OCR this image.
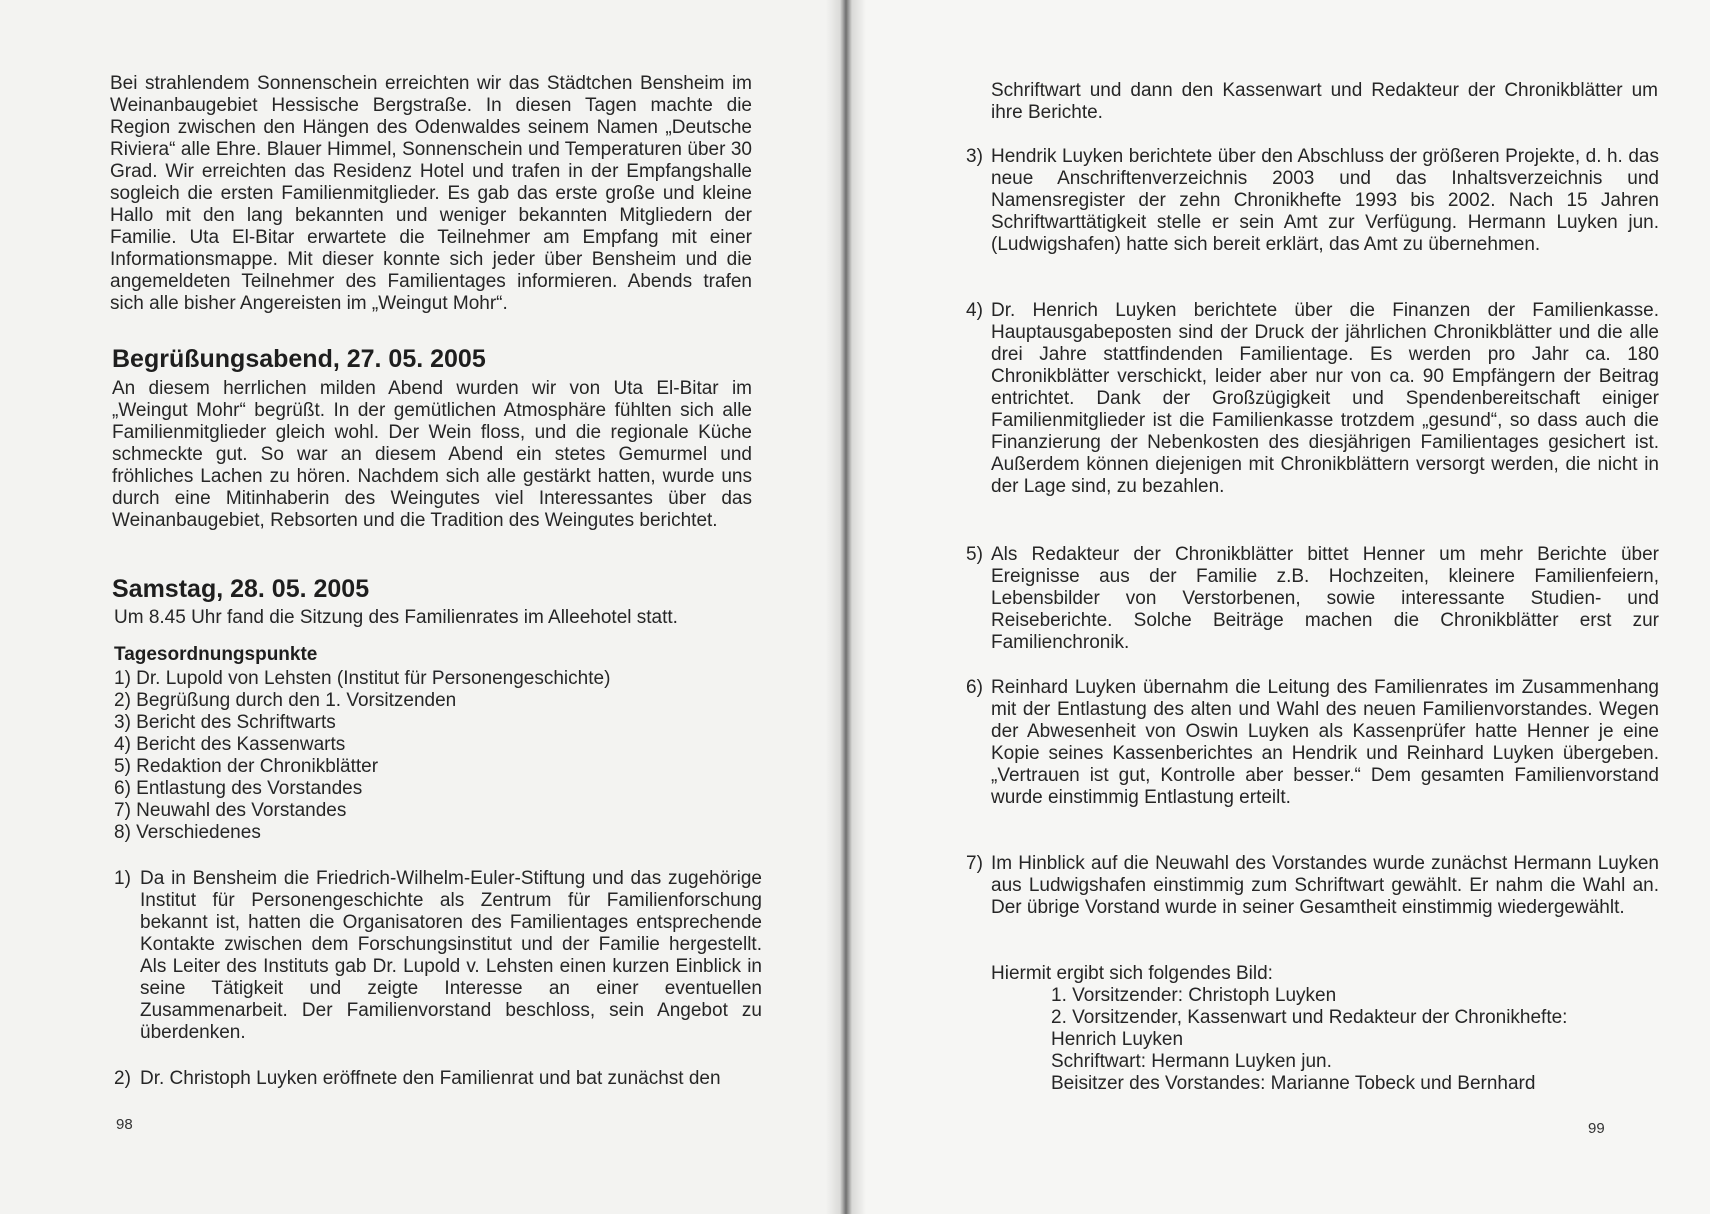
Bei strahlendem Sonnenschein erreichten wir das Städtchen Bensheim im Weinanbaugebiet Hessische Bergstraße. In diesen Tagen machte die Region zwischen den Hängen des Odenwaldes seinem Namen „Deutsche Riviera“ alle Ehre. Blauer Himmel, Sonnenschein und Temperaturen über 30 Grad. Wir erreichten das Residenz Hotel und trafen in der Empfangshalle sogleich die ersten Familienmitglieder. Es gab das erste große und kleine Hallo mit den lang bekannten und weniger bekannten Mitgliedern der Familie. Uta El-Bitar erwartete die Teilnehmer am Empfang mit einer Informationsmappe. Mit dieser konnte sich jeder über Bensheim und die angemeldeten Teilnehmer des Familientages informieren. Abends trafen sich alle bisher Angereisten im „Weingut Mohr“.

Begrüßungsabend, 27. 05. 2005

An diesem herrlichen milden Abend wurden wir von Uta El-Bitar im „Weingut Mohr“ begrüßt. In der gemütlichen Atmosphäre fühlten sich alle Familienmitglieder gleich wohl. Der Wein floss, und die regionale Küche schmeckte gut. So war an diesem Abend ein stetes Gemurmel und fröhliches Lachen zu hören. Nachdem sich alle gestärkt hatten, wurde uns durch eine Mitinhaberin des Weingutes viel Interessantes über das Weinanbaugebiet, Rebsorten und die Tradition des Weingutes berichtet.

Samstag, 28. 05. 2005

Um 8.45 Uhr fand die Sitzung des Familienrates im Alleehotel statt.

Tagesordnungspunkte
1) Dr. Lupold von Lehsten (Institut für Personengeschichte)
2) Begrüßung durch den 1. Vorsitzenden
3) Bericht des Schriftwarts
4) Bericht des Kassenwarts
5) Redaktion der Chronikblätter
6) Entlastung des Vorstandes
7) Neuwahl des Vorstandes
8) Verschiedenes
1) Da in Bensheim die Friedrich-Wilhelm-Euler-Stiftung und das zugehörige Institut für Personengeschichte als Zentrum für Familienforschung bekannt ist, hatten die Organisatoren des Familientages entsprechende Kontakte zwischen dem Forschungsinstitut und der Familie hergestellt. Als Leiter des Instituts gab Dr. Lupold v. Lehsten einen kurzen Einblick in seine Tätigkeit und zeigte Interesse an einer eventuellen Zusammenarbeit. Der Familienvorstand beschloss, sein Angebot zu überdenken.

2) Dr. Christoph Luyken eröffnete den Familienrat und bat zunächst den

98

Schriftwart und dann den Kassenwart und Redakteur der Chronikblätter um ihre Berichte.

3) Hendrik Luyken berichtete über den Abschluss der größeren Projekte, d. h. das neue Anschriftenverzeichnis 2003 und das Inhaltsverzeichnis und Namensregister der zehn Chronikhefte 1993 bis 2002. Nach 15 Jahren Schriftwarttätigkeit stelle er sein Amt zur Verfügung. Hermann Luyken jun. (Ludwigshafen) hatte sich bereit erklärt, das Amt zu übernehmen.

4) Dr. Henrich Luyken berichtete über die Finanzen der Familienkasse. Hauptausgabeposten sind der Druck der jährlichen Chronikblätter und die alle drei Jahre stattfindenden Familientage. Es werden pro Jahr ca. 180 Chronikblätter verschickt, leider aber nur von ca. 90 Empfängern der Beitrag entrichtet. Dank der Großzügigkeit und Spendenbereitschaft einiger Familienmitglieder ist die Familienkasse trotzdem „gesund“, so dass auch die Finanzierung der Nebenkosten des diesjährigen Familientages gesichert ist. Außerdem können diejenigen mit Chronikblättern versorgt werden, die nicht in der Lage sind, zu bezahlen.

5) Als Redakteur der Chronikblätter bittet Henner um mehr Berichte über Ereignisse aus der Familie z.B. Hochzeiten, kleinere Familienfeiern, Lebensbilder von Verstorbenen, sowie interessante Studien- und Reiseberichte. Solche Beiträge machen die Chronikblätter erst zur Familienchronik.

6) Reinhard Luyken übernahm die Leitung des Familienrates im Zusammenhang mit der Entlastung des alten und Wahl des neuen Familienvorstandes. Wegen der Abwesenheit von Oswin Luyken als Kassenprüfer hatte Henner je eine Kopie seines Kassenberichtes an Hendrik und Reinhard Luyken übergeben. „Vertrauen ist gut, Kontrolle aber besser.“ Dem gesamten Familienvorstand wurde einstimmig Entlastung erteilt.

7) Im Hinblick auf die Neuwahl des Vorstandes wurde zunächst Hermann Luyken aus Ludwigshafen einstimmig zum Schriftwart gewählt. Er nahm die Wahl an. Der übrige Vorstand wurde in seiner Gesamtheit einstimmig wiedergewählt.

Hiermit ergibt sich folgendes Bild:

99
1. Vorsitzender: Christoph Luyken
2. Vorsitzender, Kassenwart und Redakteur der Chronikhefte:
Henrich Luyken
Schriftwart: Hermann Luyken jun.
Beisitzer des Vorstandes: Marianne Tobeck und Bernhard
